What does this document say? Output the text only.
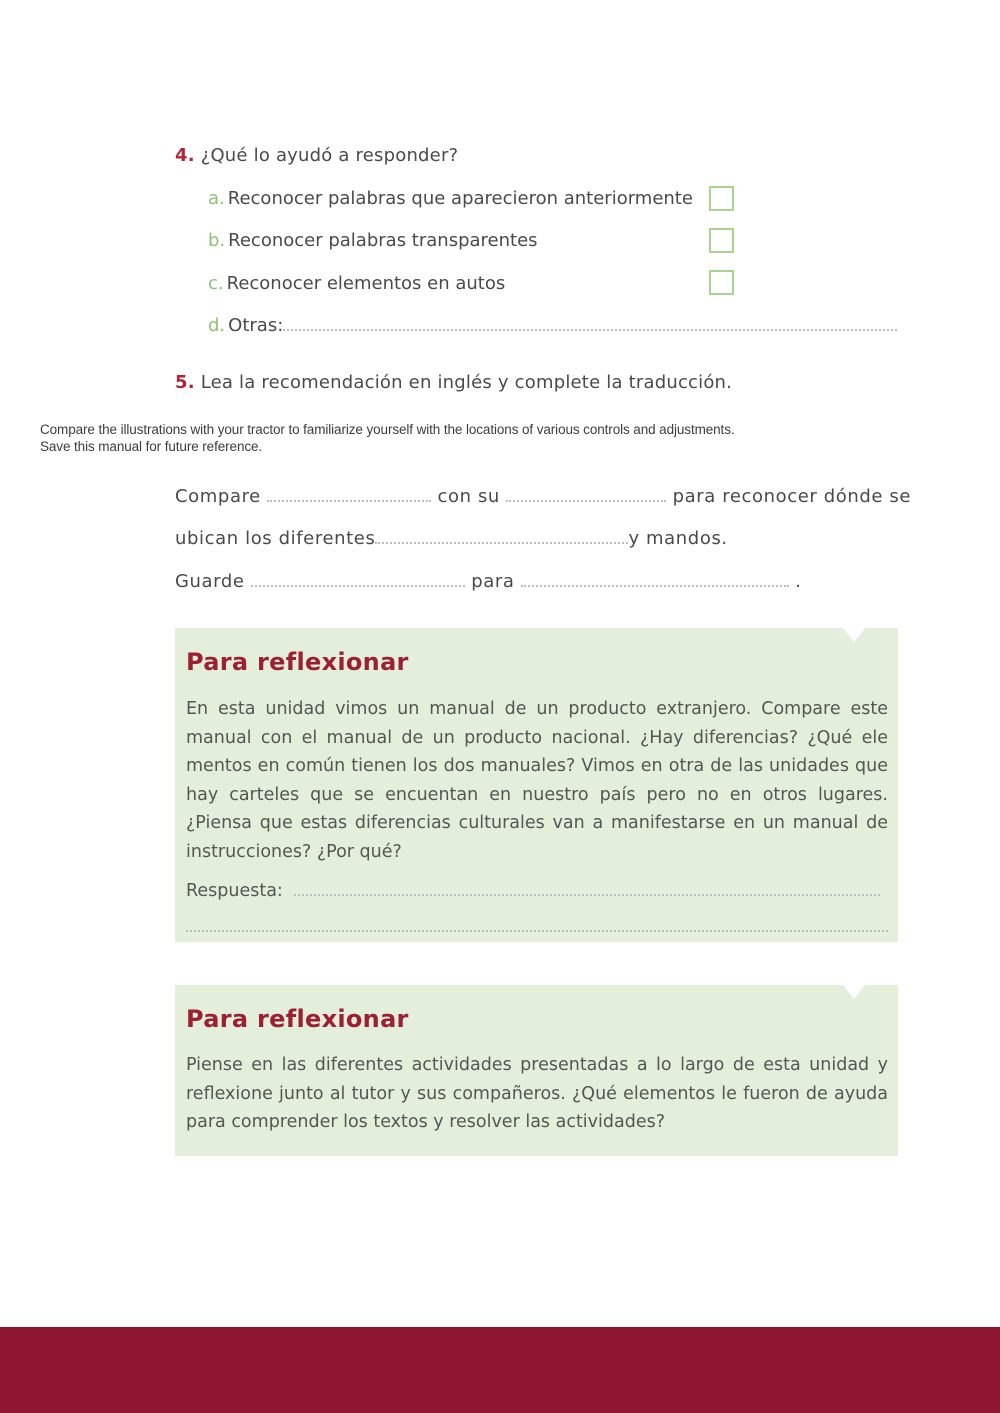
4. ¿Qué lo ayudó a responder?
a. Reconocer palabras que aparecieron anteriormente
b. Reconocer palabras transparentes
c. Reconocer elementos en autos
d. Otras:
5. Lea la recomendación en inglés y complete la traducción.
Compare the illustrations with your tractor to familiarize yourself with the locations of various controls and adjustments.
Save this manual for future reference.
Compare	con su	para reconocer dónde se
ubican los diferentes	y mandos.
Guarde	para	.
Para reflexionar
En esta unidad vimos un manual de un producto extranjero. Compare este manual con el manual de un producto nacional. ¿Hay diferencias? ¿Qué ele mentos en común tienen los dos manuales? Vimos en otra de las unidades que hay carteles que se encuentan en nuestro país pero no en otros lugares. ¿Piensa que estas diferencias culturales van a manifestarse en un manual de instrucciones? ¿Por qué?
Respuesta:
Para reflexionar
Piense en las diferentes actividades presentadas a lo largo de esta unidad y reflexione junto al tutor y sus compañeros. ¿Qué elementos le fueron de ayuda para comprender los textos y resolver las actividades?
